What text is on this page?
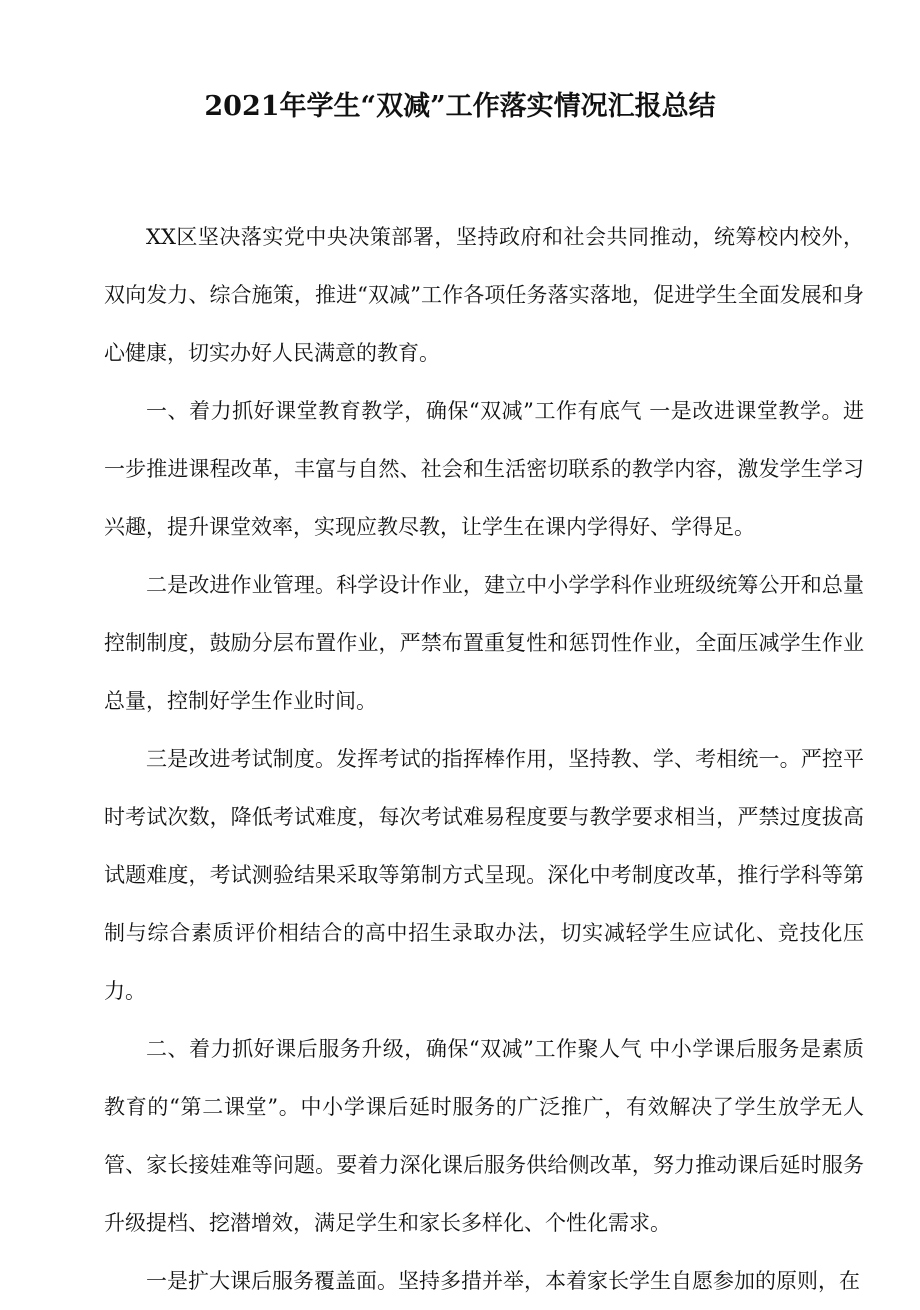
2021年学生“双减”工作落实情况汇报总结

XX区坚决落实党中央决策部署，坚持政府和社会共同推动，统筹校内校外，双向发力、综合施策，推进“双减”工作各项任务落实落地，促进学生全面发展和身心健康，切实办好人民满意的教育。

一、着力抓好课堂教育教学，确保“双减”工作有底气 一是改进课堂教学。进一步推进课程改革，丰富与自然、社会和生活密切联系的教学内容，激发学生学习兴趣，提升课堂效率，实现应教尽教，让学生在课内学得好、学得足。

二是改进作业管理。科学设计作业，建立中小学学科作业班级统筹公开和总量控制制度，鼓励分层布置作业，严禁布置重复性和惩罚性作业，全面压减学生作业总量，控制好学生作业时间。

三是改进考试制度。发挥考试的指挥棒作用，坚持教、学、考相统一。严控平时考试次数，降低考试难度，每次考试难易程度要与教学要求相当，严禁过度拔高试题难度，考试测验结果采取等第制方式呈现。深化中考制度改革，推行学科等第制与综合素质评价相结合的高中招生录取办法，切实减轻学生应试化、竞技化压力。

二、着力抓好课后服务升级，确保“双减”工作聚人气 中小学课后服务是素质教育的“第二课堂”。中小学课后延时服务的广泛推广，有效解决了学生放学无人管、家长接娃难等问题。要着力深化课后服务供给侧改革，努力推动课后延时服务升级提档、挖潜增效，满足学生和家长多样化、个性化需求。

一是扩大课后服务覆盖面。坚持多措并举，本着家长学生自愿参加的原则，在
